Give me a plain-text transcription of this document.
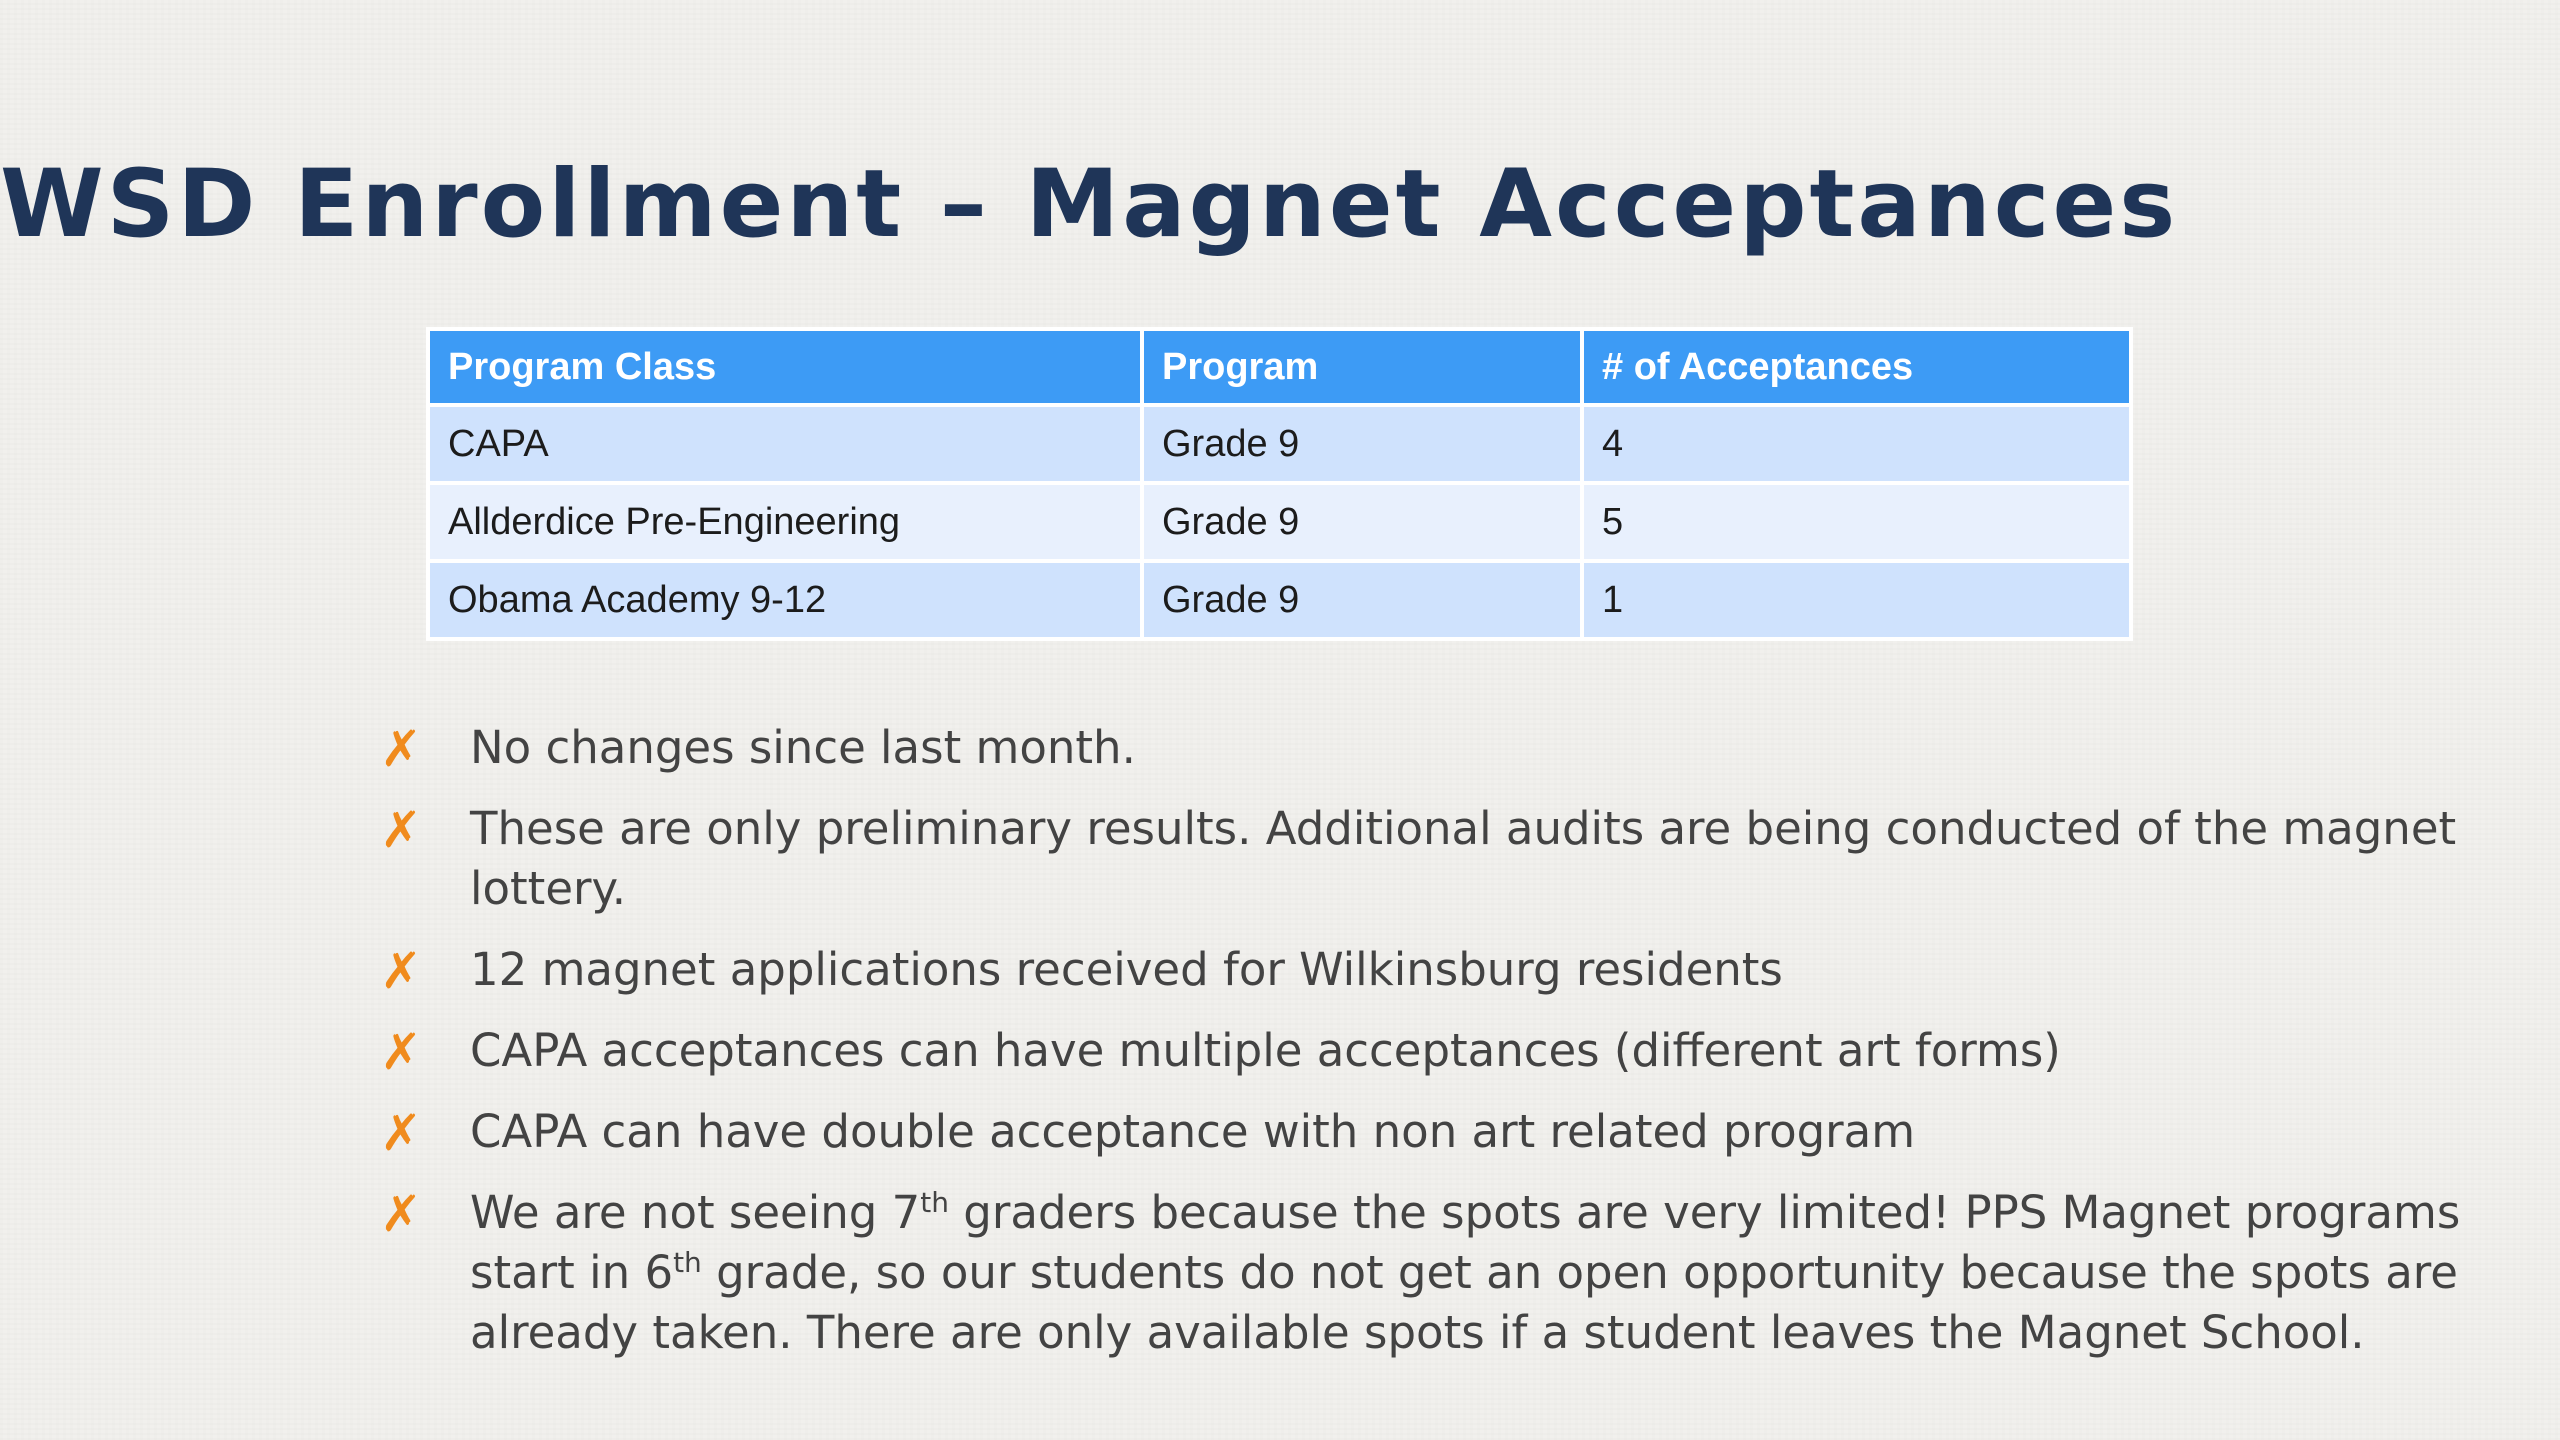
WSD Enrollment – Magnet Acceptances
Program Class	Program	# of Acceptances
CAPA	Grade 9	4
Allderdice Pre-Engineering	Grade 9	5
Obama Academy 9-12	Grade 9	1
✗ No changes since last month.
✗ These are only preliminary results. Additional audits are being conducted of the magnet lottery.
✗ 12 magnet applications received for Wilkinsburg residents
✗ CAPA acceptances can have multiple acceptances (different art forms)
✗ CAPA can have double acceptance with non art related program
✗ We are not seeing 7th graders because the spots are very limited! PPS Magnet programs start in 6th grade, so our students do not get an open opportunity because the spots are already taken. There are only available spots if a student leaves the Magnet School.
